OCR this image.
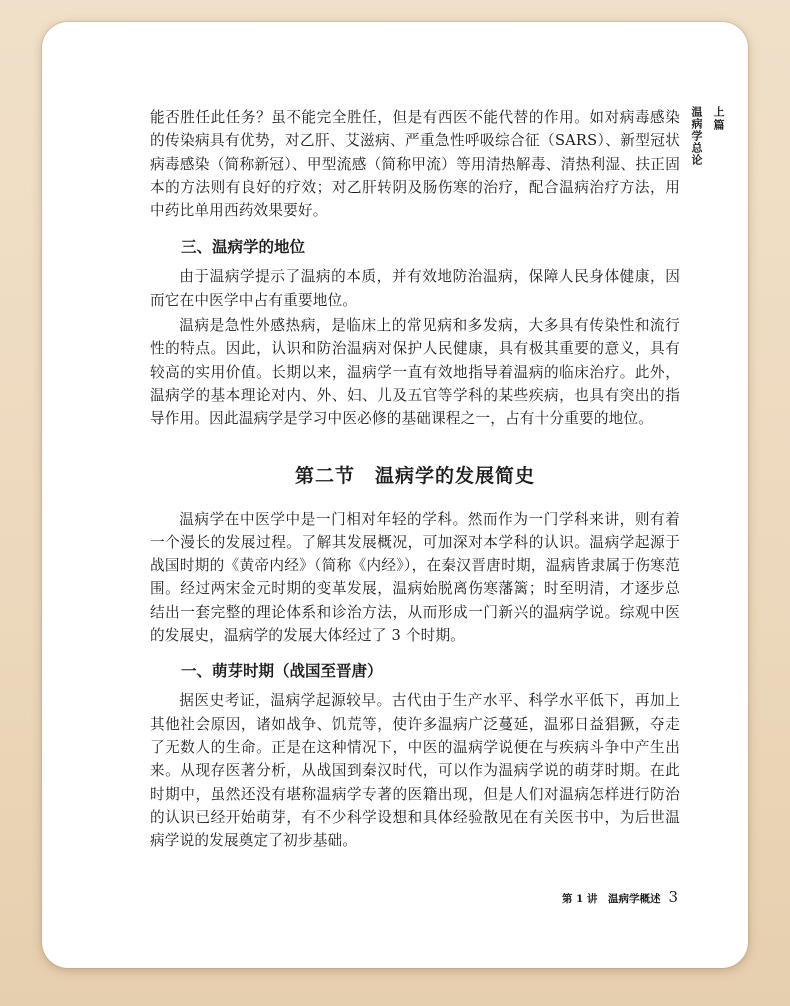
上篇
温病学总论

能否胜任此任务？虽不能完全胜任，但是有西医不能代替的作用。如对病毒感染的传染病具有优势，对乙肝、艾滋病、严重急性呼吸综合征（SARS）、新型冠状病毒感染（简称新冠）、甲型流感（简称甲流）等用清热解毒、清热利湿、扶正固本的方法则有良好的疗效；对乙肝转阴及肠伤寒的治疗，配合温病治疗方法，用中药比单用西药效果要好。

三、温病学的地位

由于温病学提示了温病的本质，并有效地防治温病，保障人民身体健康，因而它在中医学中占有重要地位。

温病是急性外感热病，是临床上的常见病和多发病，大多具有传染性和流行性的特点。因此，认识和防治温病对保护人民健康，具有极其重要的意义，具有较高的实用价值。长期以来，温病学一直有效地指导着温病的临床治疗。此外，温病学的基本理论对内、外、妇、儿及五官等学科的某些疾病，也具有突出的指导作用。因此温病学是学习中医必修的基础课程之一，占有十分重要的地位。

第二节　温病学的发展简史

温病学在中医学中是一门相对年轻的学科。然而作为一门学科来讲，则有着一个漫长的发展过程。了解其发展概况，可加深对本学科的认识。温病学起源于战国时期的《黄帝内经》（简称《内经》），在秦汉晋唐时期，温病皆隶属于伤寒范围。经过两宋金元时期的变革发展，温病始脱离伤寒藩篱；时至明清，才逐步总结出一套完整的理论体系和诊治方法，从而形成一门新兴的温病学说。综观中医的发展史，温病学的发展大体经过了 3 个时期。

一、萌芽时期（战国至晋唐）

据医史考证，温病学起源较早。古代由于生产水平、科学水平低下，再加上其他社会原因，诸如战争、饥荒等，使许多温病广泛蔓延，温邪日益猖獗，夺走了无数人的生命。正是在这种情况下，中医的温病学说便在与疾病斗争中产生出来。从现存医著分析，从战国到秦汉时代，可以作为温病学说的萌芽时期。在此时期中，虽然还没有堪称温病学专著的医籍出现，但是人们对温病怎样进行防治的认识已经开始萌芽，有不少科学设想和具体经验散见在有关医书中，为后世温病学说的发展奠定了初步基础。

第 1 讲　温病学概述 3
